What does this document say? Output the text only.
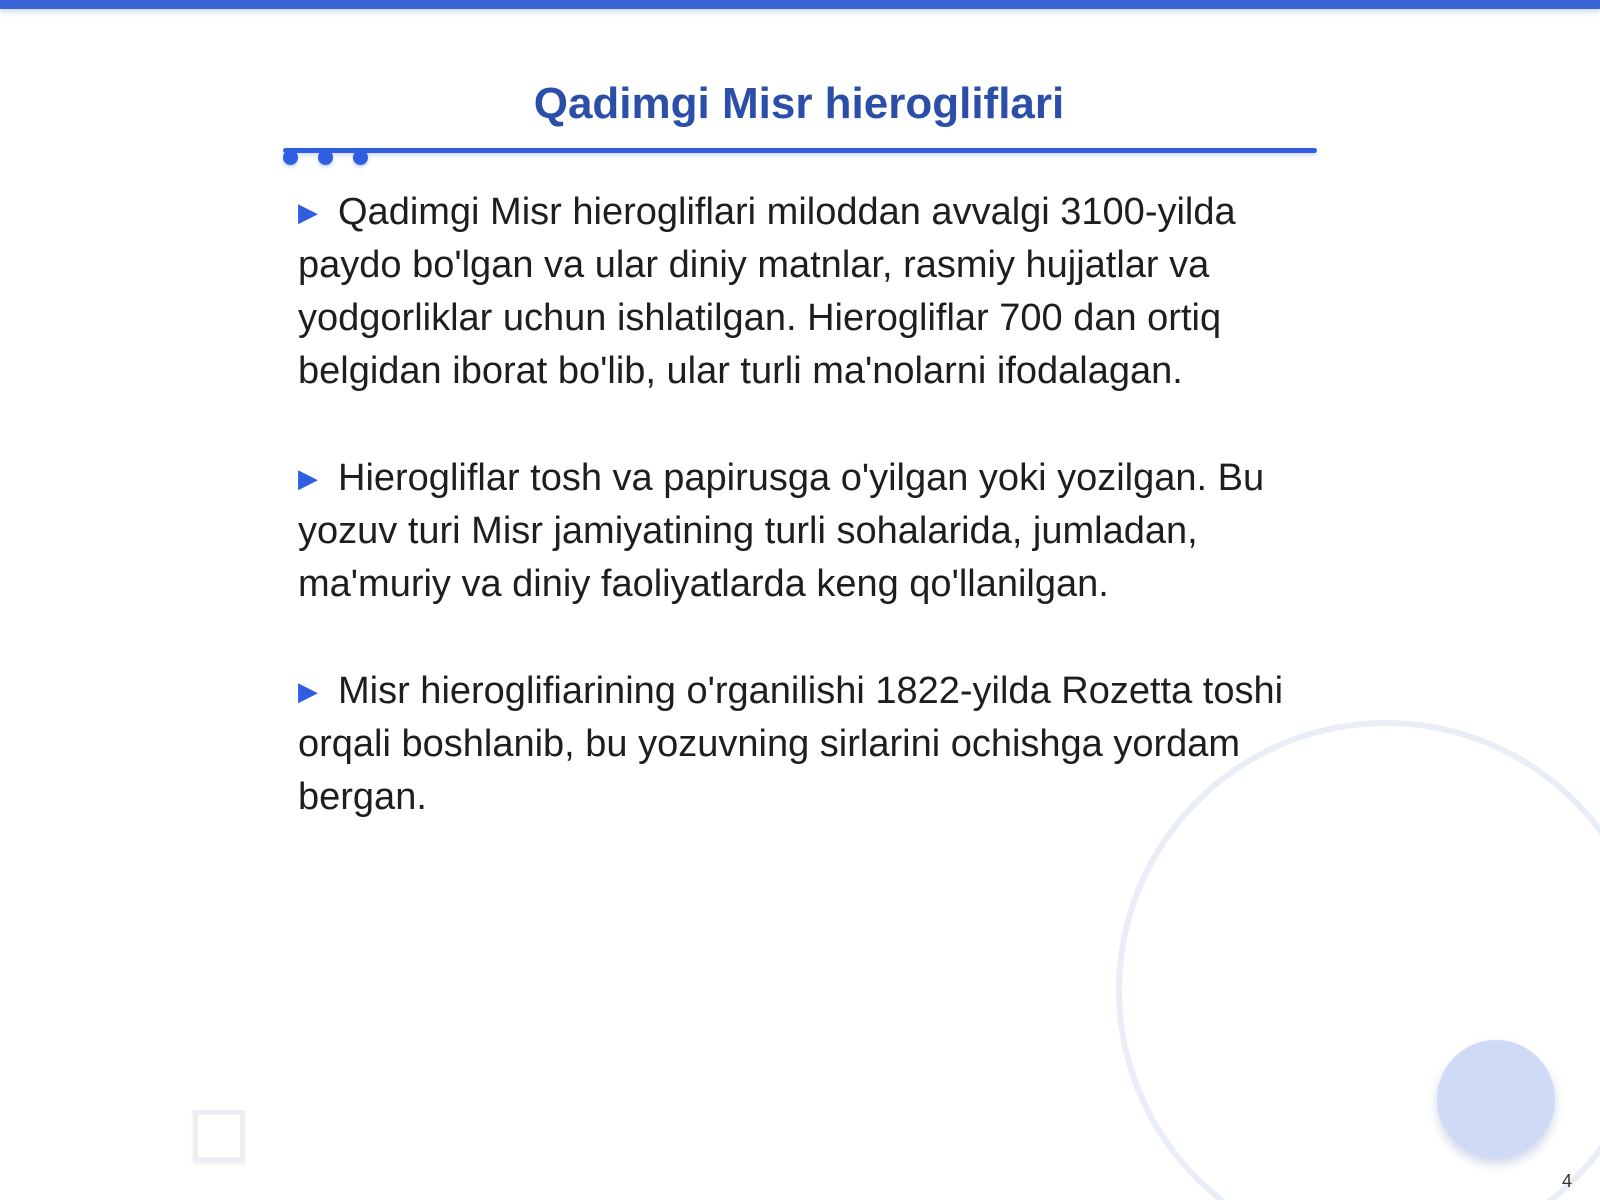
Qadimgi Misr hierogliflari

▶ Qadimgi Misr hierogliflari miloddan avvalgi 3100-yilda paydo bo'lgan va ular diniy matnlar, rasmiy hujjatlar va yodgorliklar uchun ishlatilgan. Hierogliflar 700 dan ortiq belgidan iborat bo'lib, ular turli ma'nolarni ifodalagan.

▶ Hierogliflar tosh va papirusga o'yilgan yoki yozilgan. Bu yozuv turi Misr jamiyatining turli sohalarida, jumladan, ma'muriy va diniy faoliyatlarda keng qo'llanilgan.

▶ Misr hieroglifiarining o'rganilishi 1822-yilda Rozetta toshi orqali boshlanib, bu yozuvning sirlarini ochishga yordam bergan.

4
